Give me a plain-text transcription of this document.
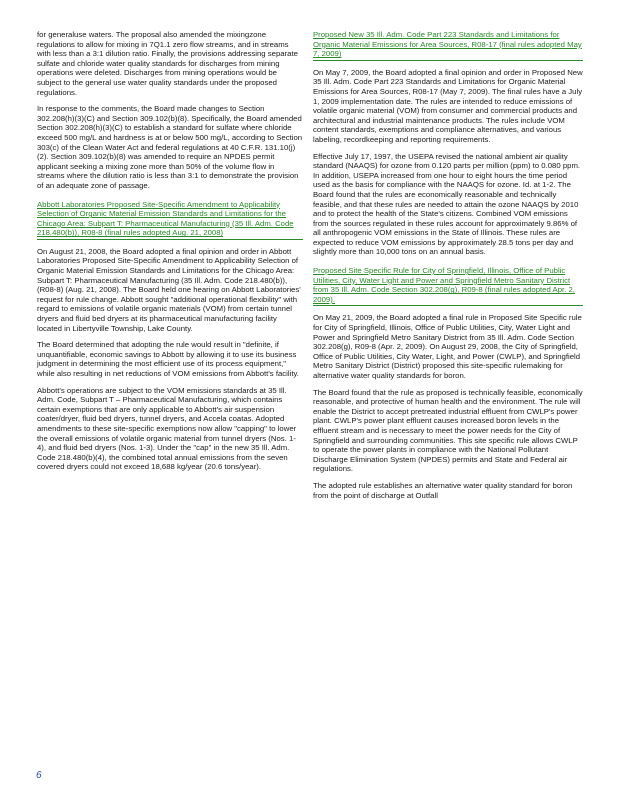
for generaluse waters. The proposal also amended the mixingzone regulations to allow for mixing in 7Q1.1 zero flow streams, and in streams with less than a 3:1 dilution ratio. Finally, the provisions addressing separate sulfate and chloride water quality standards for discharges from mining operations were deleted. Discharges from mining operations would be subject to the general use water quality standards under the proposed regulations.

In response to the comments, the Board made changes to Section 302.208(h)(3)(C) and Section 309.102(b)(8). Specifically, the Board amended Section 302.208(h)(3)(C) to establish a standard for sulfate where chloride exceed 500 mg/L and hardness is at or below 500 mg/L, according to Section 303(c) of the Clean Water Act and federal regulations at 40 C.F.R. 131.10(j)(2). Section 309.102(b)(8) was amended to require an NPDES permit applicant seeking a mixing zone more than 50% of the volume flow in streams where the dilution ratio is less than 3:1 to demonstrate the provision of an adequate zone of passage.

Abbott Laboratories Proposed Site-Specific Amendment to Applicability Selection of Organic Material Emission Standards and Limitations for the Chicago Area: Subpart T: Pharmaceutical Manufacturing (35 Ill. Adm. Code 218.480(b)), R08-8 (final rules adopted Aug. 21, 2008)

On August 21, 2008, the Board adopted a final opinion and order in Abbott Laboratories Proposed Site-Specific Amendment to Applicability Selection of Organic Material Emission Standards and Limitations for the Chicago Area: Subpart T: Pharmaceutical Manufacturing (35 Ill. Adm. Code 218.480(b)), (R08-8) (Aug. 21, 2008). The Board held one hearing on Abbott Laboratories' request for rule change. Abbott sought "additional operational flexibility" with regard to emissions of volatile organic materials (VOM) from certain tunnel dryers and fluid bed dryers at its pharmaceutical manufacturing facility located in Libertyville Township, Lake County.

The Board determined that adopting the rule would result in "definite, if unquantifiable, economic savings to Abbott by allowing it to use its business judgment in determining the most efficient use of its process equipment," while also resulting in net reductions of VOM emissions from Abbott's facility.

Abbott's operations are subject to the VOM emissions standards at 35 Ill. Adm. Code, Subpart T – Pharmaceutical Manufacturing, which contains certain exemptions that are only applicable to Abbott's air suspension coater/dryer, fluid bed dryers, tunnel dryers, and Accela coatas. Adopted amendments to these site-specific exemptions now allow "capping" to lower the overall emissions of volatile organic material from tunnel dryers (Nos. 1-4), and fluid bed dryers (Nos. 1-3). Under the "cap" in the new 35 Ill. Adm. Code 218.480(b)(4), the combined total annual emissions from the seven covered dryers could not exceed 18,688 kg/year (20.6 tons/year).

Proposed New 35 Ill. Adm. Code Part 223 Standards and Limitations for Organic Material Emissions for Area Sources, R08-17 (final rules adopted May 7, 2009)

On May 7, 2009, the Board adopted a final opinion and order in Proposed New 35 Ill. Adm. Code Part 223 Standards and Limitations for Organic Material Emissions for Area Sources, R08-17 (May 7, 2009). The final rules have a July 1, 2009 implementation date. The rules are intended to reduce emissions of volatile organic material (VOM) from consumer and commercial products and architectural and industrial maintenance products. The rules include VOM content standards, exemptions and compliance alternatives, and various labeling, recordkeeping and reporting requirements.

Effective July 17, 1997, the USEPA revised the national ambient air quality standard (NAAQS) for ozone from 0.120 parts per million (ppm) to 0.080 ppm. In addition, USEPA increased from one hour to eight hours the time period used as the basis for compliance with the NAAQS for ozone. Id. at 1-2. The Board found that the rules are economically reasonable and technically feasible, and that these rules are needed to attain the ozone NAAQS by 2010 and to protect the health of the State's citizens. Combined VOM emissions from the sources regulated in these rules account for approximately 9.86% of all anthropogenic VOM emissions in the State of Illinois. These rules are expected to reduce VOM emissions by approximately 28.5 tons per day and slightly more than 10,000 tons on an annual basis.

Proposed Site Specific Rule for City of Springfield, Illinois, Office of Public Utilities, City, Water Light and Power and Springfield Metro Sanitary District from 35 Ill. Adm. Code Section 302.208(g), R09-8 (final rules adopted Apr. 2, 2009).

On May 21, 2009, the Board adopted a final rule in Proposed Site Specific rule for City of Springfield, Illinois, Office of Public Utilities, City, Water Light and Power and Springfield Metro Sanitary District from 35 Ill. Adm. Code Section 302.208(g), R09-8 (Apr. 2, 2009). On August 29, 2008, the City of Springfield, Office of Public Utilities, City Water, Light, and Power (CWLP), and Springfield Metro Sanitary District (District) proposed this site-specific rulemaking for alternative water quality standards for boron.

The Board found that the rule as proposed is technically feasible, economically reasonable, and protective of human health and the environment. The rule will enable the District to accept pretreated industrial effluent from CWLP's power plant. CWLP's power plant effluent causes increased boron levels in the effluent stream and is necessary to meet the power needs for the City of Springfield and surrounding communities. This site specific rule allows CWLP to operate the power plants in compliance with the National Pollutant Discharge Elimination System (NPDES) permits and State and Federal air regulations.

The adopted rule establishes an alternative water quality standard for boron from the point of discharge at Outfall

6
